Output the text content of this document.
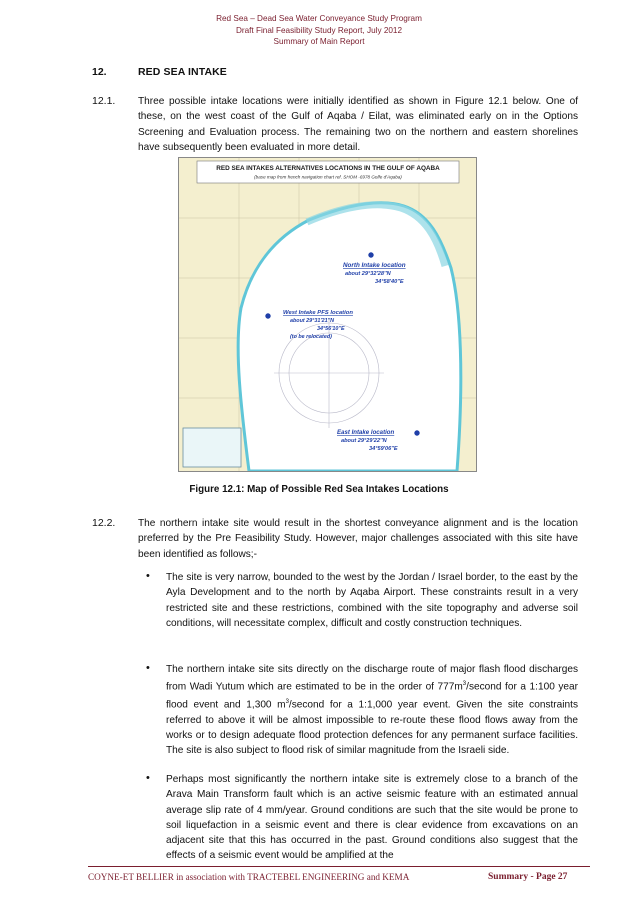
Red Sea – Dead Sea Water Conveyance Study Program
Draft Final Feasibility Study Report, July 2012
Summary of Main Report
12.	RED SEA INTAKE
12.1. Three possible intake locations were initially identified as shown in Figure 12.1 below. One of these, on the west coast of the Gulf of Aqaba / Eilat, was eliminated early on in the Options Screening and Evaluation process. The remaining two on the northern and eastern shorelines have subsequently been evaluated in more detail.
RED SEA INTAKES ALTERNATIVES LOCATIONS IN THE GULF OF AQABA
(base map from french navigation chart ref. SHOM -6978 Golfe d'Aqaba)
North Intake location
about 29°32'28''N
34°58'40''E
West Intake PFS location
about 29°31'21''N
34°56'10''E
(to be relocated)
East Intake location
about 29°29'22''N
34°59'06''E
Figure 12.1: Map of Possible Red Sea Intakes Locations
12.2. The northern intake site would result in the shortest conveyance alignment and is the location preferred by the Pre Feasibility Study. However, major challenges associated with this site have been identified as follows;-
• The site is very narrow, bounded to the west by the Jordan / Israel border, to the east by the Ayla Development and to the north by Aqaba Airport. These constraints result in a very restricted site and these restrictions, combined with the site topography and adverse soil conditions, will necessitate complex, difficult and costly construction techniques.
• The northern intake site sits directly on the discharge route of major flash flood discharges from Wadi Yutum which are estimated to be in the order of $777m^3$/second for a 1:100 year flood event and 1,300 $m^3$/second for a 1:1,000 year event. Given the site constraints referred to above it will be almost impossible to re-route these flood flows away from the works or to design adequate flood protection defences for any permanent surface facilities. The site is also subject to flood risk of similar magnitude from the Israeli side.
• Perhaps most significantly the northern intake site is extremely close to a branch of the Arava Main Transform fault which is an active seismic feature with an estimated annual average slip rate of 4 mm/year. Ground conditions are such that the site would be prone to soil liquefaction in a seismic event and there is clear evidence from excavations on an adjacent site that this has occurred in the past. Ground conditions also suggest that the effects of a seismic event would be amplified at the
COYNE-ET BELLIER in association with TRACTEBEL ENGINEERING and KEMA	Summary - Page 27
